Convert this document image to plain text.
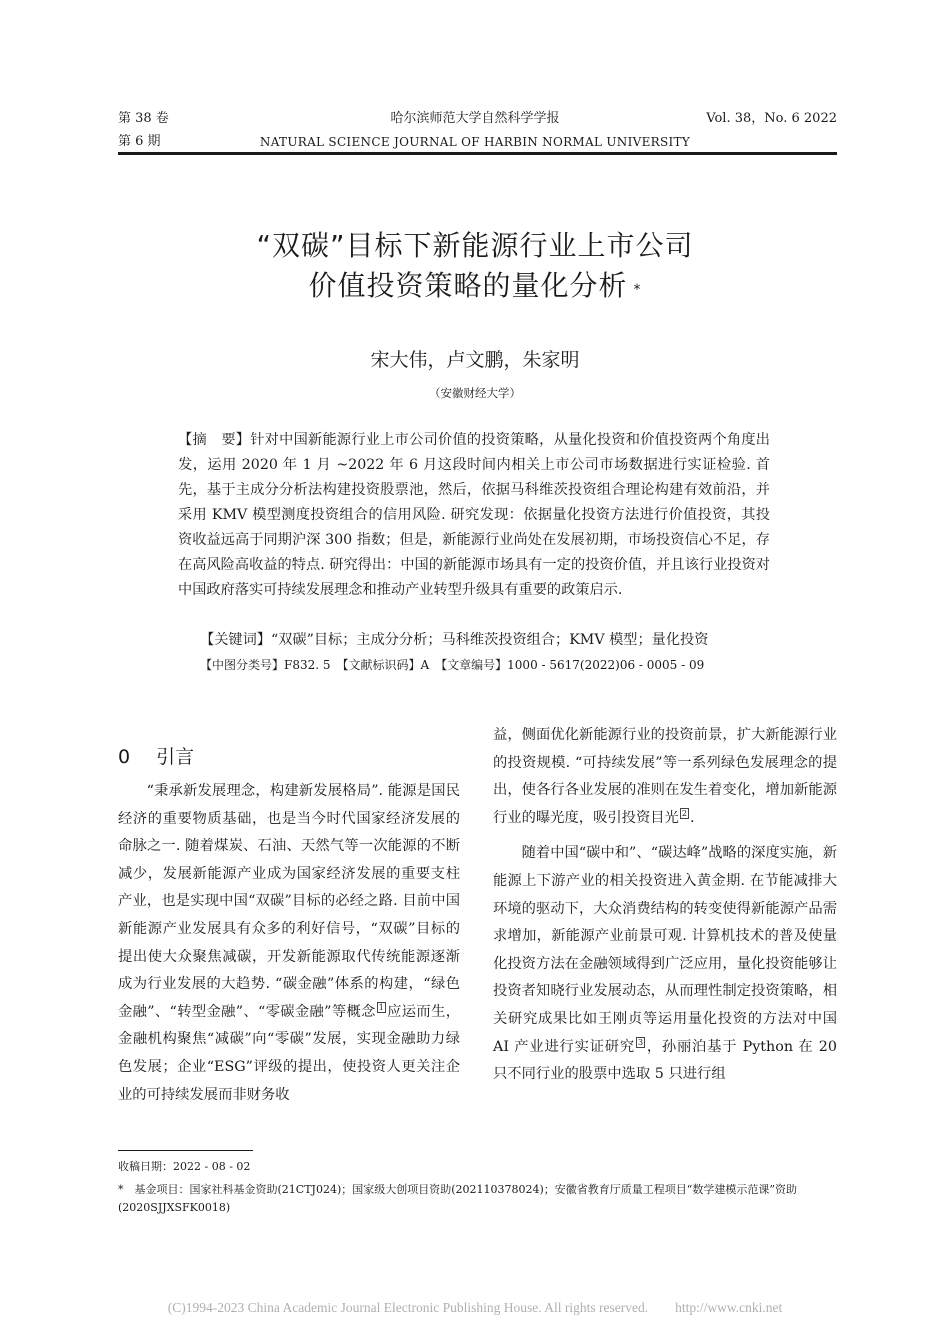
第 38 卷
第 6 期
哈尔滨师范大学自然科学学报
NATURAL SCIENCE JOURNAL OF HARBIN NORMAL UNIVERSITY
Vol. 38，No. 6 2022
“双碳”目标下新能源行业上市公司
价值投资策略的量化分析 *
宋大伟，卢文鹏，朱家明
（安徽财经大学）
【摘　要】针对中国新能源行业上市公司价值的投资策略，从量化投资和价值投资两个角度出发，运用 2020 年 1 月 ~2022 年 6 月这段时间内相关上市公司市场数据进行实证检验. 首先，基于主成分分析法构建投资股票池，然后，依据马科维茨投资组合理论构建有效前沿，并采用 KMV 模型测度投资组合的信用风险. 研究发现：依据量化投资方法进行价值投资，其投资收益远高于同期沪深 300 指数；但是，新能源行业尚处在发展初期，市场投资信心不足，存在高风险高收益的特点. 研究得出：中国的新能源市场具有一定的投资价值，并且该行业投资对中国政府落实可持续发展理念和推动产业转型升级具有重要的政策启示.
【关键词】“双碳”目标；主成分分析；马科维茨投资组合；KMV 模型；量化投资
【中图分类号】F832. 5　【文献标识码】A　【文章编号】1000 - 5617(2022)06 - 0005 - 09
0 引言

“秉承新发展理念，构建新发展格局”. 能源是国民经济的重要物质基础，也是当今时代国家经济发展的命脉之一. 随着煤炭、石油、天然气等一次能源的不断减少，发展新能源产业成为国家经济发展的重要支柱产业，也是实现中国“双碳”目标的必经之路. 目前中国新能源产业发展具有众多的利好信号，“双碳”目标的提出使大众聚焦减碳，开发新能源取代传统能源逐渐成为行业发展的大趋势. “碳金融”体系的构建，“绿色金融”、“转型金融”、“零碳金融”等概念 $^1$ 应运而生，金融机构聚焦“减碳”向“零碳”发展，实现金融助力绿色发展；企业“ESG”评级的提出，使投资人更关注企业的可持续发展而非财务收

益，侧面优化新能源行业的投资前景，扩大新能源行业的投资规模. “可持续发展”等一系列绿色发展理念的提出，使各行各业发展的准则在发生着变化，增加新能源行业的曝光度，吸引投资目光 $^2$ .

随着中国“碳中和”、“碳达峰”战略的深度实施，新能源上下游产业的相关投资进入黄金期. 在节能减排大环境的驱动下，大众消费结构的转变使得新能源产品需求增加，新能源产业前景可观. 计算机技术的普及使量化投资方法在金融领域得到广泛应用，量化投资能够让投资者知晓行业发展动态，从而理性制定投资策略，相关研究成果比如王刚贞等运用量化投资的方法对中国 AI 产业进行实证研究 $^3$ ，孙丽泊基于 Python 在 20 只不同行业的股票中选取 5 只进行组

收稿日期：2022 - 08 - 02
*　基金项目：国家社科基金资助(21CTJ024)；国家级大创项目资助(202110378024)；安徽省教育厅质量工程项目“数学建模示范课”资助(2020SJJXSFK0018)
(C)1994-2023 China Academic Journal Electronic Publishing House. All rights reserved.　　http://www.cnki.net
